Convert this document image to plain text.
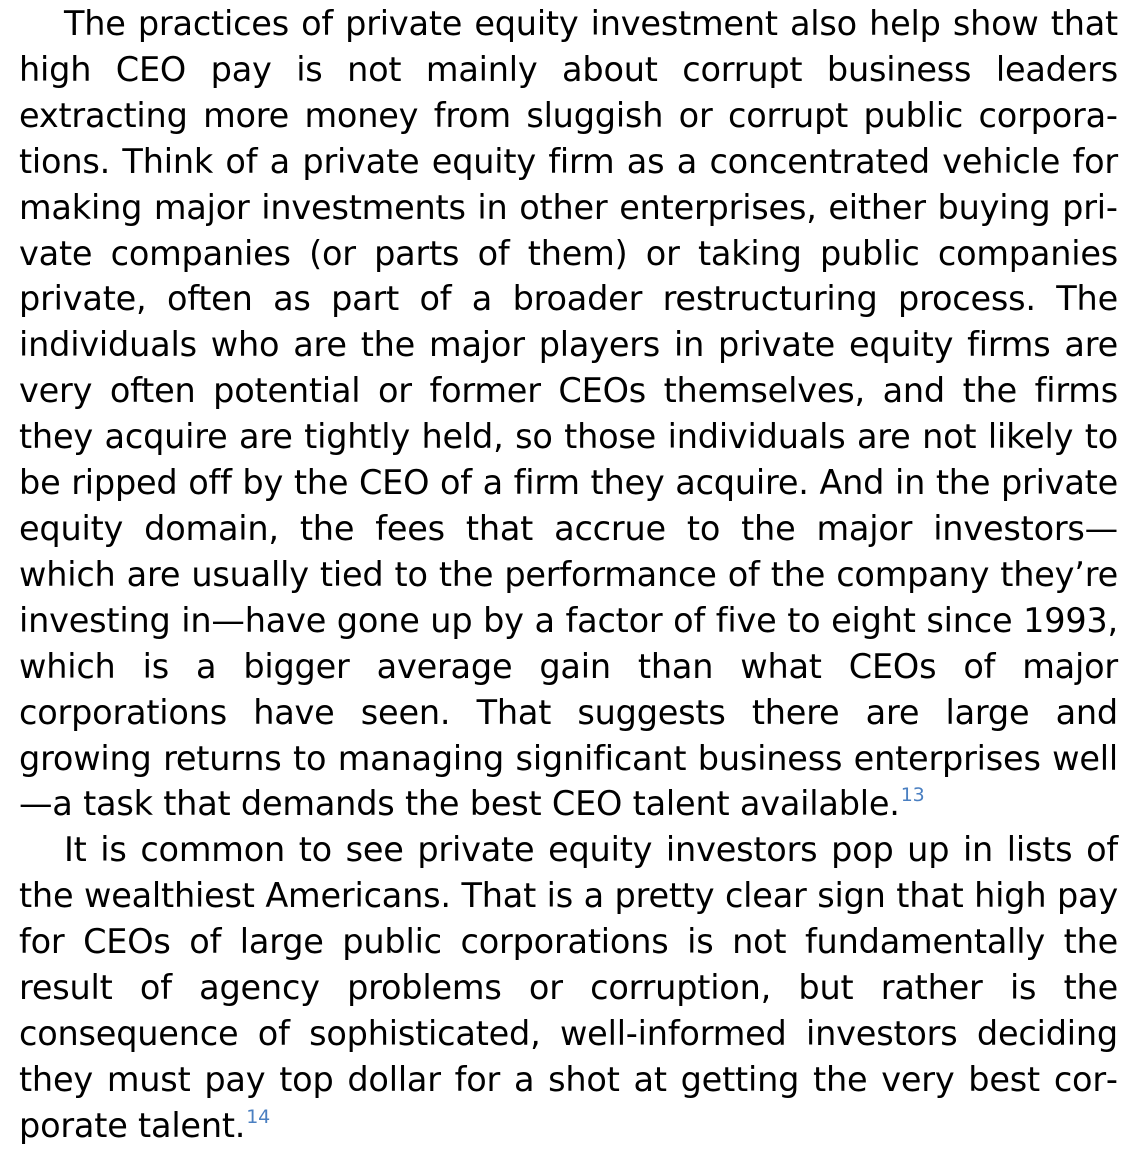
The practices of private equity investment also help show that high CEO pay is not mainly about corrupt business leaders extracting more money from sluggish or corrupt public corporations. Think of a private equity firm as a concentrated vehicle for making major investments in other enterprises, either buying private companies (or parts of them) or taking public companies private, often as part of a broader restructuring process. The individuals who are the major players in private equity firms are very often potential or former CEOs themselves, and the firms they acquire are tightly held, so those individuals are not likely to be ripped off by the CEO of a firm they acquire. And in the private equity domain, the fees that accrue to the major investors— which are usually tied to the performance of the company they’re investing in—have gone up by a factor of five to eight since 1993, which is a bigger average gain than what CEOs of major corporations have seen. That suggests there are large and growing returns to managing significant business enterprises well—a task that demands the best CEO talent available.$^{13}$

It is common to see private equity investors pop up in lists of the wealthiest Americans. That is a pretty clear sign that high pay for CEOs of large public corporations is not fundamentally the result of agency problems or corruption, but rather is the consequence of sophisticated, well-informed investors deciding they must pay top dollar for a shot at getting the very best corporate talent.$^{14}$
